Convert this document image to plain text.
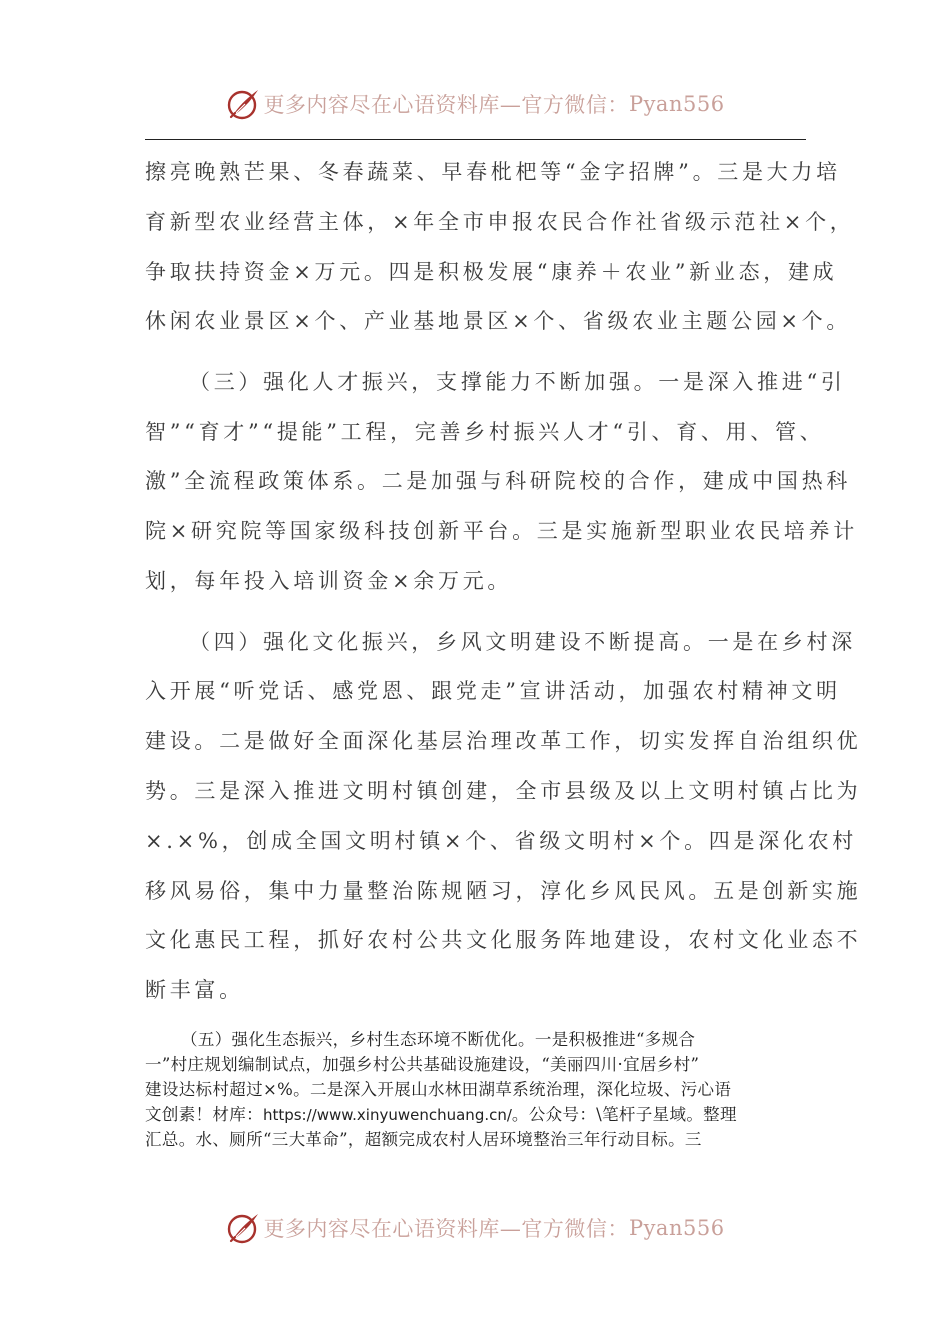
更多内容尽在心语资料库—官方微信： Pyan556
擦亮晚熟芒果、冬春蔬菜、早春枇杷等“金字招牌”。三是大力培
育新型农业经营主体，×年全市申报农民合作社省级示范社×个，
争取扶持资金×万元。四是积极发展“康养＋农业”新业态，建成
休闲农业景区×个、产业基地景区×个、省级农业主题公园×个。
（三）强化人才振兴，支撑能力不断加强。一是深入推进“引
智”“育才”“提能”工程，完善乡村振兴人才“引、育、用、管、
激”全流程政策体系。二是加强与科研院校的合作，建成中国热科
院×研究院等国家级科技创新平台。三是实施新型职业农民培养计
划，每年投入培训资金×余万元。
（四）强化文化振兴，乡风文明建设不断提高。一是在乡村深
入开展“听党话、感党恩、跟党走”宣讲活动，加强农村精神文明
建设。二是做好全面深化基层治理改革工作，切实发挥自治组织优
势。三是深入推进文明村镇创建，全市县级及以上文明村镇占比为
×.×%，创成全国文明村镇×个、省级文明村×个。四是深化农村
移风易俗，集中力量整治陈规陋习，淳化乡风民风。五是创新实施
文化惠民工程，抓好农村公共文化服务阵地建设，农村文化业态不
断丰富。
（五）强化生态振兴，乡村生态环境不断优化。一是积极推进“多规合
一”村庄规划编制试点，加强乡村公共基础设施建设，“美丽四川·宜居乡村”
建设达标村超过×%。二是深入开展山水林田湖草系统治理，深化垃圾、污心语
文创素！材库：https://www.xinyuwenchuang.cn/。公众号：\笔杆子星域。整理
汇总。水、厕所“三大革命”，超额完成农村人居环境整治三年行动目标。三
更多内容尽在心语资料库—官方微信： Pyan556
